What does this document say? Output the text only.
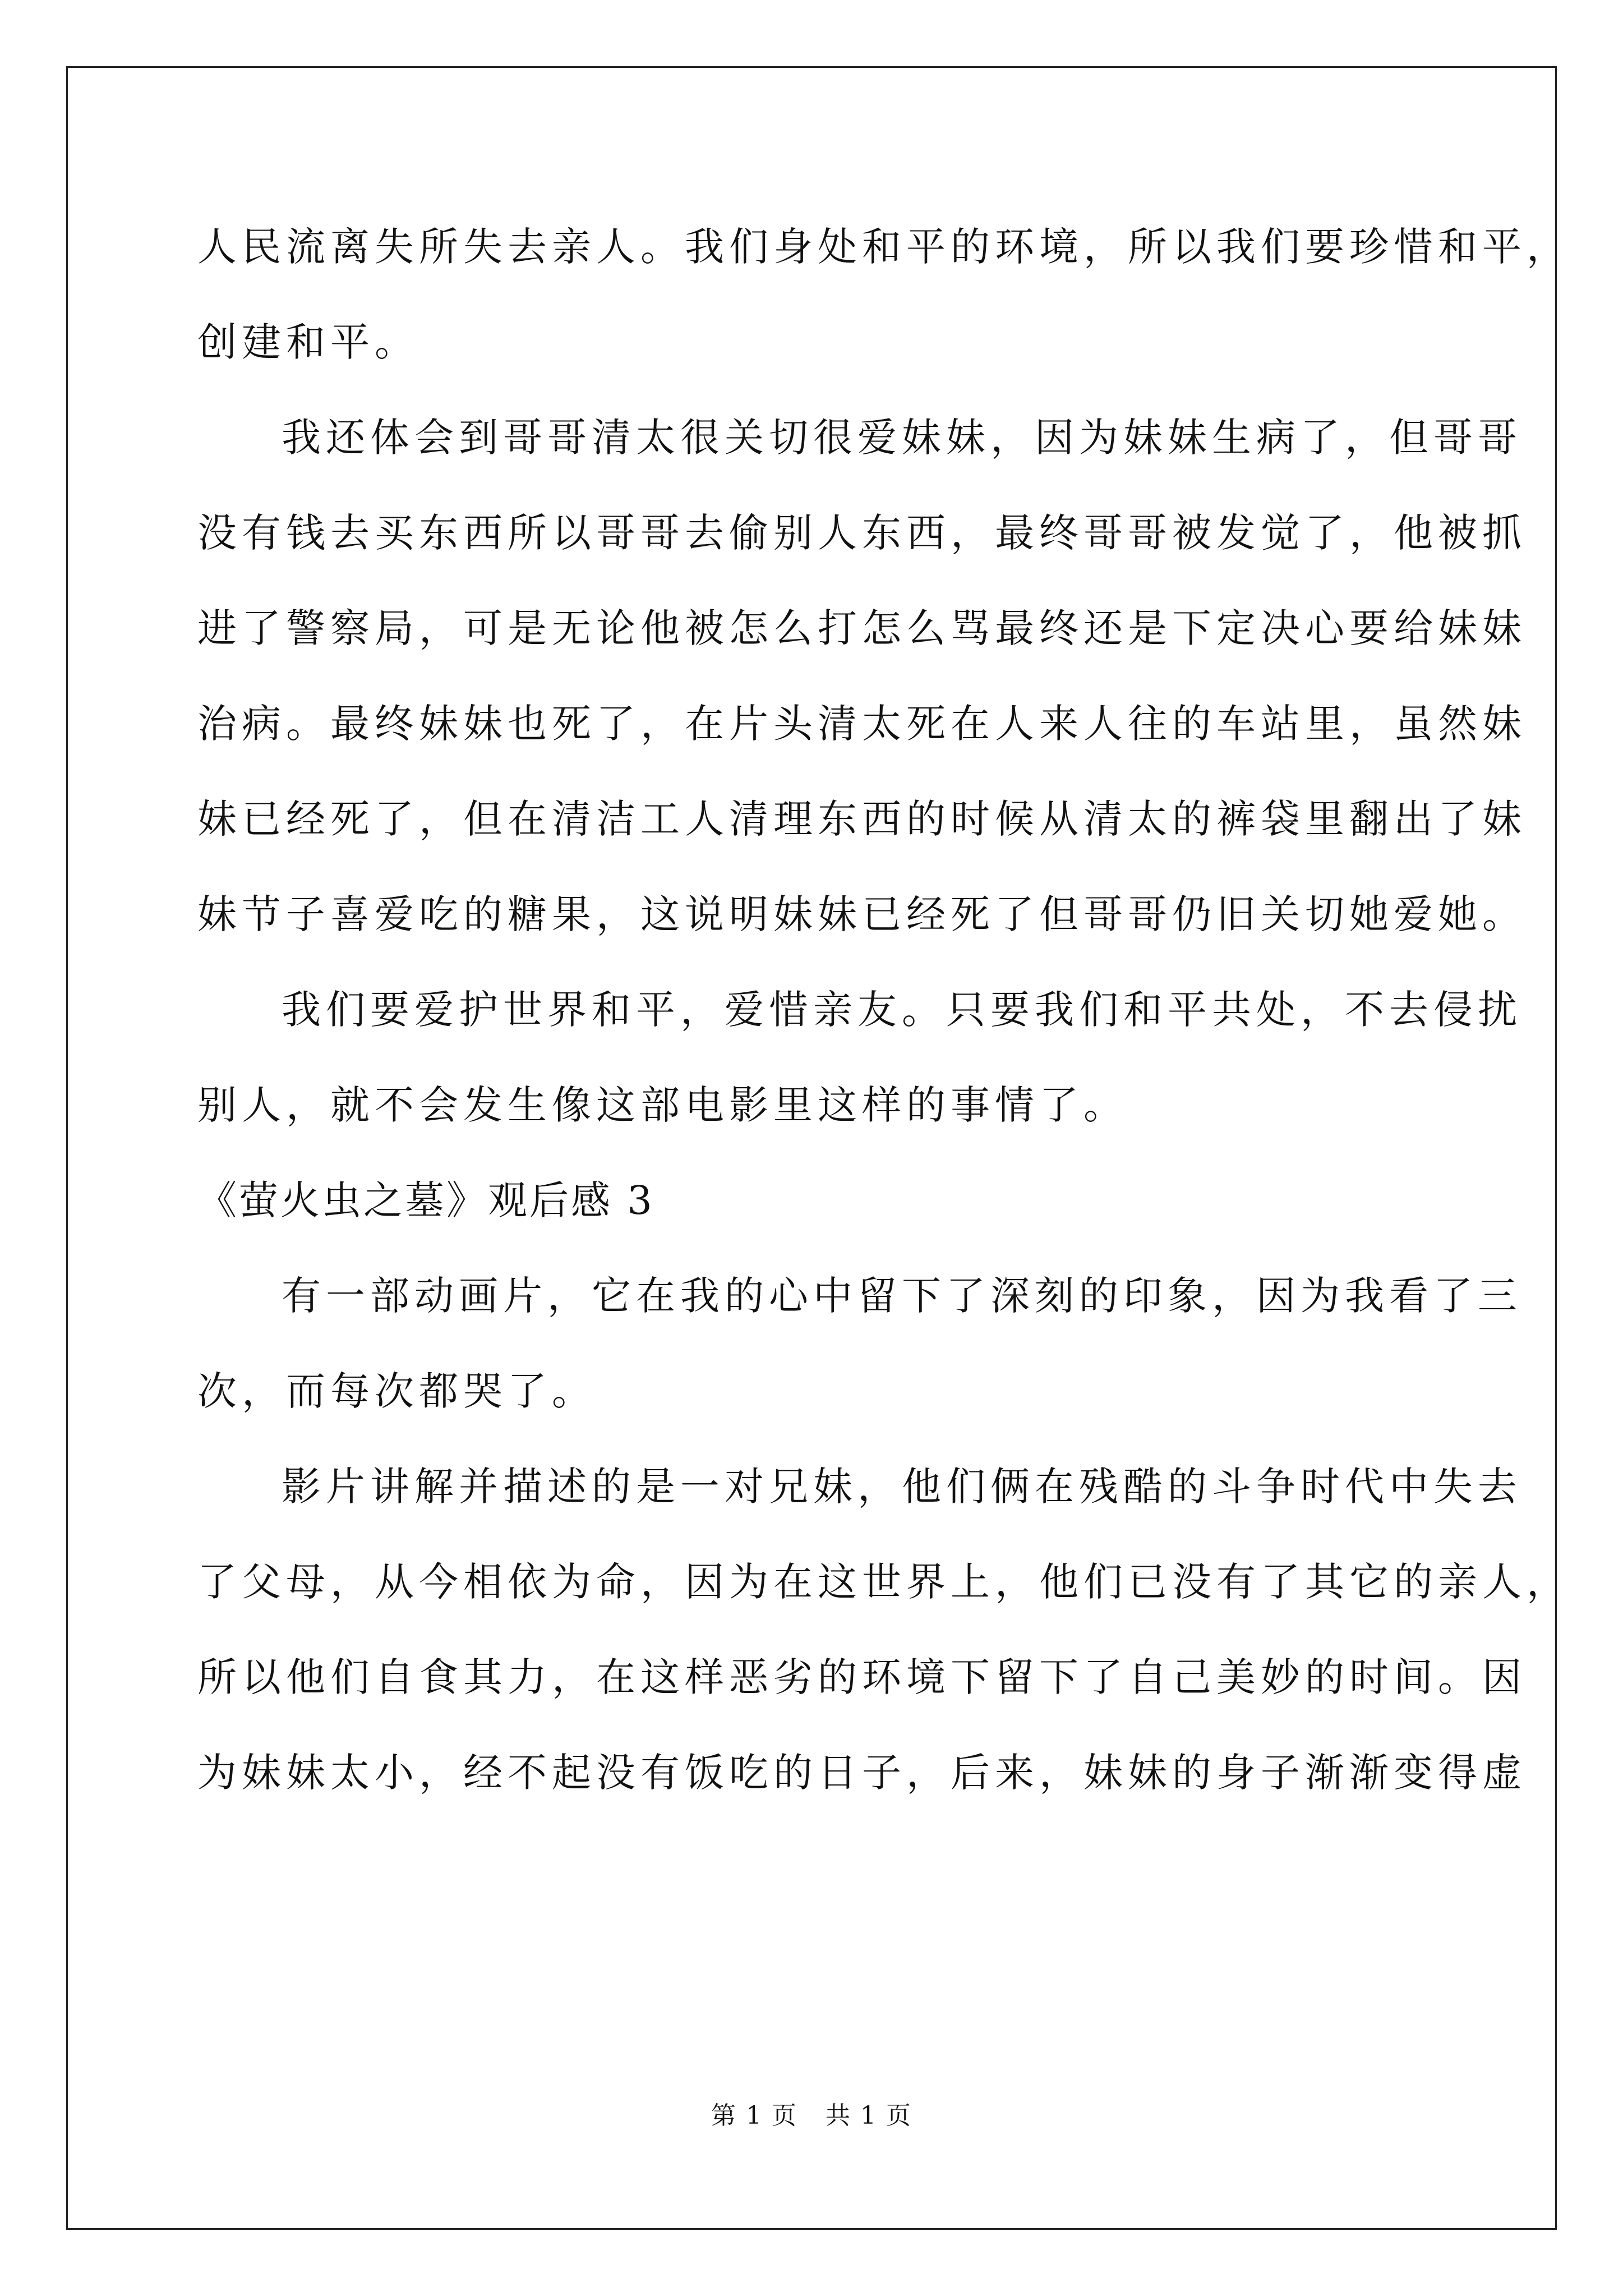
人民流离失所失去亲人。我们身处和平的环境，所以我们要珍惜和平，
创建和平。
我还体会到哥哥清太很关切很爱妹妹，因为妹妹生病了，但哥哥
没有钱去买东西所以哥哥去偷别人东西，最终哥哥被发觉了，他被抓
进了警察局，可是无论他被怎么打怎么骂最终还是下定决心要给妹妹
治病。最终妹妹也死了，在片头清太死在人来人往的车站里，虽然妹
妹已经死了，但在清洁工人清理东西的时候从清太的裤袋里翻出了妹
妹节子喜爱吃的糖果，这说明妹妹已经死了但哥哥仍旧关切她爱她。
我们要爱护世界和平，爱惜亲友。只要我们和平共处，不去侵扰
别人，就不会发生像这部电影里这样的事情了。
《萤火虫之墓》观后感 3
有一部动画片，它在我的心中留下了深刻的印象，因为我看了三
次，而每次都哭了。
影片讲解并描述的是一对兄妹，他们俩在残酷的斗争时代中失去
了父母，从今相依为命，因为在这世界上，他们已没有了其它的亲人，
所以他们自食其力，在这样恶劣的环境下留下了自己美妙的时间。因
为妹妹太小，经不起没有饭吃的日子，后来，妹妹的身子渐渐变得虚
第 1 页 共 1 页
